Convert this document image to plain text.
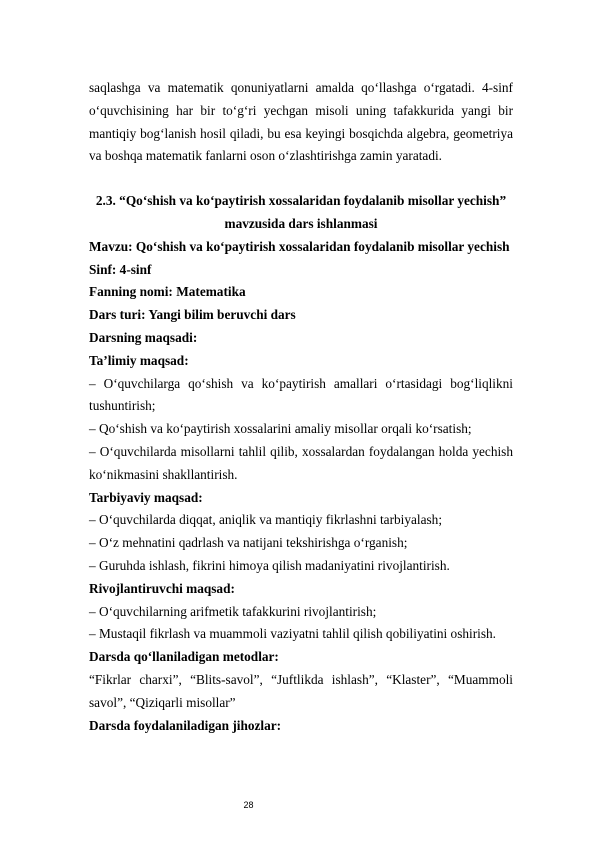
saqlashga va matematik qonuniyatlarni amalda qo‘llashga o‘rgatadi. 4-sinf o‘quvchisining har bir to‘g‘ri yechgan misoli uning tafakkurida yangi bir mantiqiy bog‘lanish hosil qiladi, bu esa keyingi bosqichda algebra, geometriya va boshqa matematik fanlarni oson o‘zlashtirishga zamin yaratadi.

2.3. “Qo‘shish va ko‘paytirish xossalaridan foydalanib misollar yechish” mavzusida dars ishlanmasi

Mavzu: Qo‘shish va ko‘paytirish xossalaridan foydalanib misollar yechish

Sinf: 4-sinf

Fanning nomi: Matematika

Dars turi: Yangi bilim beruvchi dars

Darsning maqsadi:

Ta’limiy maqsad:

– O‘quvchilarga qo‘shish va ko‘paytirish amallari o‘rtasidagi bog‘liqlikni tushuntirish;

– Qo‘shish va ko‘paytirish xossalarini amaliy misollar orqali ko‘rsatish;

– O‘quvchilarda misollarni tahlil qilib, xossalardan foydalangan holda yechish ko‘nikmasini shakllantirish.

Tarbiyaviy maqsad:

– O‘quvchilarda diqqat, aniqlik va mantiqiy fikrlashni tarbiyalash;

– O‘z mehnatini qadrlash va natijani tekshirishga o‘rganish;

– Guruhda ishlash, fikrini himoya qilish madaniyatini rivojlantirish.

Rivojlantiruvchi maqsad:

– O‘quvchilarning arifmetik tafakkurini rivojlantirish;

– Mustaqil fikrlash va muammoli vaziyatni tahlil qilish qobiliyatini oshirish.

Darsda qo‘llaniladigan metodlar:

“Fikrlar charxi”, “Blits-savol”, “Juftlikda ishlash”, “Klaster”, “Muammoli savol”, “Qiziqarli misollar”

Darsda foydalaniladigan jihozlar:

28
